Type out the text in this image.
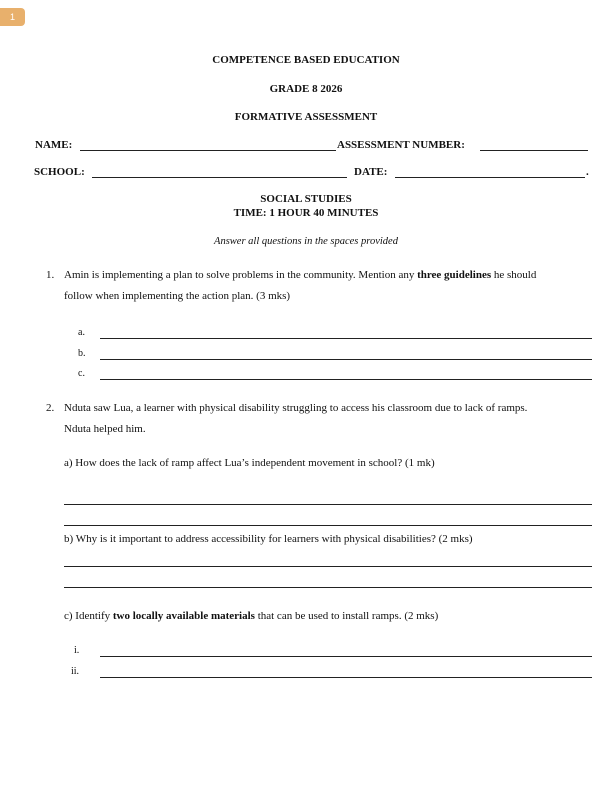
1
COMPETENCE BASED EDUCATION
GRADE 8 2026
FORMATIVE ASSESSMENT
NAME:	ASSESSMENT NUMBER:
SCHOOL:	DATE:	.
SOCIAL STUDIES
TIME: 1 HOUR 40 MINUTES
Answer all questions in the spaces provided
1. Amin is implementing a plan to solve problems in the community. Mention any three guidelines he should
follow when implementing the action plan. (3 mks)
a.
b.
c.
2. Nduta saw Lua, a learner with physical disability struggling to access his classroom due to lack of ramps.
Nduta helped him.
a) How does the lack of ramp affect Lua’s independent movement in school? (1 mk)
b) Why is it important to address accessibility for learners with physical disabilities? (2 mks)
c) Identify two locally available materials that can be used to install ramps. (2 mks)
i.
ii.
